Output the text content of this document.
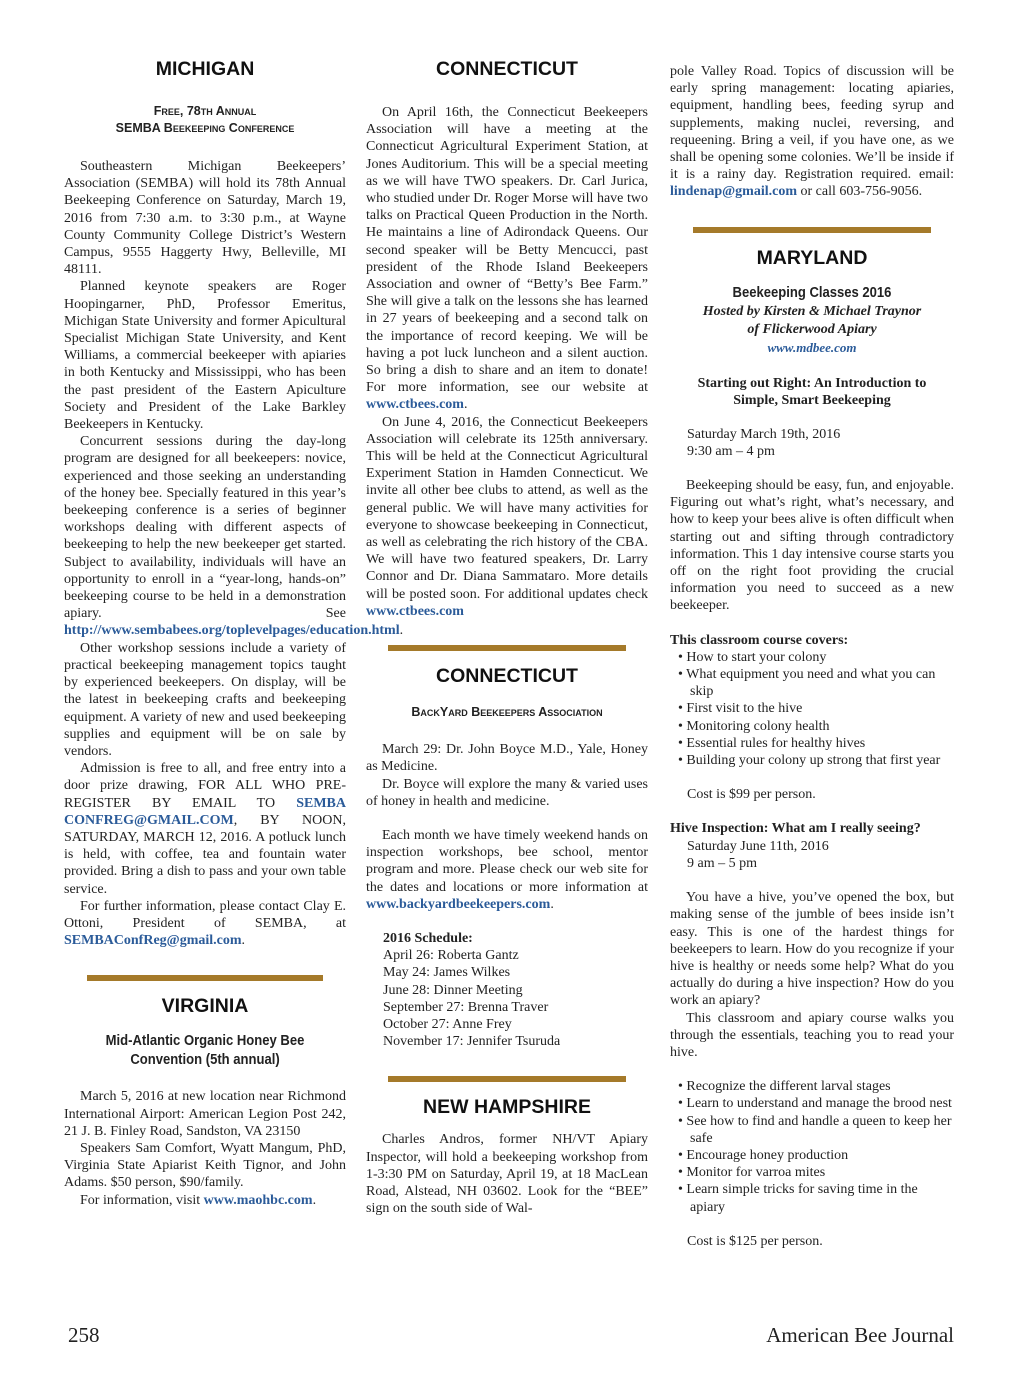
MICHIGAN
Free, 78th Annual
SEMBA Beekeeping Conference

Southeastern Michigan Beekeepers’ Association (SEMBA) will hold its 78th Annual Beekeeping Conference on Saturday, March 19, 2016 from 7:30 a.m. to 3:30 p.m., at Wayne County Community College District’s Western Campus, 9555 Haggerty Hwy, Belleville, MI 48111.

Planned keynote speakers are Roger Hoopingarner, PhD, Professor Emeritus, Michigan State University and former Apicultural Specialist Michigan State University, and Kent Williams, a commercial beekeeper with apiaries in both Kentucky and Mississippi, who has been the past president of the Eastern Apiculture Society and President of the Lake Barkley Beekeepers in Kentucky.

Concurrent sessions during the day-long program are designed for all beekeepers: novice, experienced and those seeking an understanding of the honey bee. Specially featured in this year’s beekeeping conference is a series of beginner workshops dealing with different aspects of beekeeping to help the new beekeeper get started. Subject to availability, individuals will have an opportunity to enroll in a “year-long, hands-on” beekeeping course to be held in a demonstration apiary. See http://www.sembabees.org/toplevelpages/education.html.

Other workshop sessions include a variety of practical beekeeping management topics taught by experienced beekeepers. On display, will be the latest in beekeeping crafts and beekeeping equipment. A variety of new and used beekeeping supplies and equipment will be on sale by vendors.

Admission is free to all, and free entry into a door prize drawing, FOR ALL WHO PRE-REGISTER BY EMAIL TO SEMBA CONFREG@GMAIL.COM, BY NOON, SATURDAY, MARCH 12, 2016. A potluck lunch is held, with coffee, tea and fountain water provided. Bring a dish to pass and your own table service.

For further information, please contact Clay E. Ottoni, President of SEMBA, at SEMBAConfReg@gmail.com.

VIRGINIA
Mid-Atlantic Organic Honey Bee Convention (5th annual)

March 5, 2016 at new location near Richmond International Airport: American Legion Post 242, 21 J. B. Finley Road, Sandston, VA 23150

Speakers Sam Comfort, Wyatt Mangum, PhD, Virginia State Apiarist Keith Tignor, and John Adams. $50 person, $90/family.

For information, visit www.maohbc.com.

CONNECTICUT

On April 16th, the Connecticut Beekeepers Association will have a meeting at the Connecticut Agricultural Experiment Station, at Jones Auditorium. This will be a special meeting as we will have TWO speakers. Dr. Carl Jurica, who studied under Dr. Roger Morse will have two talks on Practical Queen Production in the North. He maintains a line of Adirondack Queens. Our second speaker will be Betty Mencucci, past president of the Rhode Island Beekeepers Association and owner of “Betty’s Bee Farm.” She will give a talk on the lessons she has learned in 27 years of beekeeping and a second talk on the importance of record keeping. We will be having a pot luck luncheon and a silent auction. So bring a dish to share and an item to donate! For more information, see our website at www.ctbees.com.

On June 4, 2016, the Connecticut Beekeepers Association will celebrate its 125th anniversary. This will be held at the Connecticut Agricultural Experiment Station in Hamden Connecticut. We invite all other bee clubs to attend, as well as the general public. We will have many activities for everyone to showcase beekeeping in Connecticut, as well as celebrating the rich history of the CBA. We will have two featured speakers, Dr. Larry Connor and Dr. Diana Sammataro. More details will be posted soon. For additional updates check www.ctbees.com

CONNECTICUT
BackYard Beekeepers Association

March 29: Dr. John Boyce M.D., Yale, Honey as Medicine.

Dr. Boyce will explore the many & varied uses of honey in health and medicine.

Each month we have timely weekend hands on inspection workshops, bee school, mentor program and more. Please check our web site for the dates and locations or more information at www.backyardbeekeepers.com.

2016 Schedule:

April 26: Roberta Gantz

May 24: James Wilkes

June 28: Dinner Meeting

September 27: Brenna Traver

October 27: Anne Frey

November 17: Jennifer Tsuruda

NEW HAMPSHIRE

Charles Andros, former NH/VT Apiary Inspector, will hold a beekeeping workshop from 1-3:30 PM on Saturday, April 19, at 18 MacLean Road, Alstead, NH 03602. Look for the “BEE” sign on the south side of Wal-

pole Valley Road. Topics of discussion will be early spring management: locating apiaries, equipment, handling bees, feeding syrup and supplements, making nuclei, reversing, and requeening. Bring a veil, if you have one, as we shall be opening some colonies. We’ll be inside if it is a rainy day. Registration required. email: lindenap@gmail.com or call 603-756-9056.

MARYLAND
Beekeeping Classes 2016
Hosted by Kirsten & Michael Traynor
of Flickerwood Apiary
www.mdbee.com
Starting out Right: An Introduction to Simple, Smart Beekeeping

Saturday March 19th, 2016

9:30 am – 4 pm

Beekeeping should be easy, fun, and enjoyable. Figuring out what’s right, what’s necessary, and how to keep your bees alive is often difficult when starting out and sifting through contradictory information. This 1 day intensive course starts you off on the right foot providing the crucial information you need to succeed as a new beekeeper.

This classroom course covers:

• How to start your colony
• What equipment you need and what you can skip
• First visit to the hive
• Monitoring colony health
• Essential rules for healthy hives
• Building your colony up strong that first year

Cost is $99 per person.

Hive Inspection: What am I really seeing?

Saturday June 11th, 2016

9 am – 5 pm

You have a hive, you’ve opened the box, but making sense of the jumble of bees inside isn’t easy. This is one of the hardest things for beekeepers to learn. How do you recognize if your hive is healthy or needs some help? What do you actually do during a hive inspection? How do you work an apiary?

This classroom and apiary course walks you through the essentials, teaching you to read your hive.

• Recognize the different larval stages
• Learn to understand and manage the brood nest
• See how to find and handle a queen to keep her safe
• Encourage honey production
• Monitor for varroa mites
• Learn simple tricks for saving time in the apiary

Cost is $125 per person.

258	American Bee Journal
